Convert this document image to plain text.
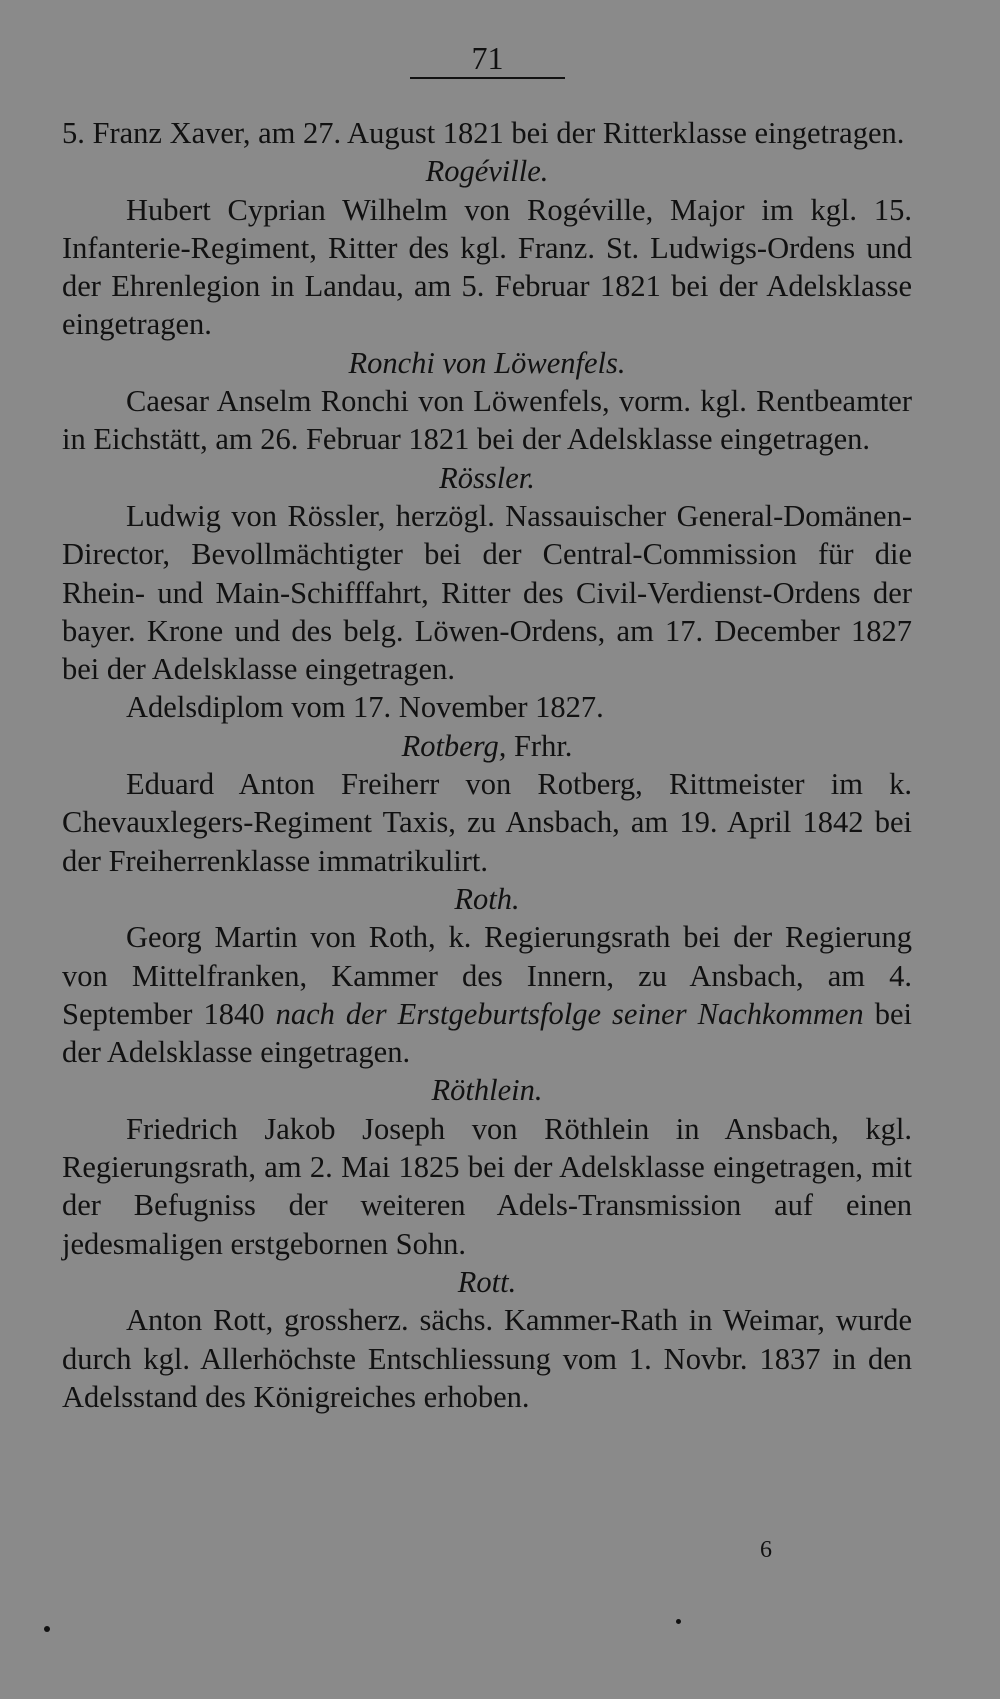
71

5. Franz Xaver, am 27. August 1821 bei der Ritterklasse eingetragen.

Rogéville.

Hubert Cyprian Wilhelm von Rogéville, Major im kgl. 15. Infanterie-Regiment, Ritter des kgl. Franz. St. Ludwigs-Ordens und der Ehrenlegion in Landau, am 5. Februar 1821 bei der Adelsklasse eingetragen.

Ronchi von Löwenfels.

Caesar Anselm Ronchi von Löwenfels, vorm. kgl. Rentbeamter in Eichstätt, am 26. Februar 1821 bei der Adelsklasse eingetragen.

Rössler.

Ludwig von Rössler, herzögl. Nassauischer General-Domänen-Director, Bevollmächtigter bei der Central-Commission für die Rhein- und Main-Schifffahrt, Ritter des Civil-Verdienst-Ordens der bayer. Krone und des belg. Löwen-Ordens, am 17. December 1827 bei der Adelsklasse eingetragen.

Adelsdiplom vom 17. November 1827.

Rotberg, Frhr.

Eduard Anton Freiherr von Rotberg, Rittmeister im k. Chevauxlegers-Regiment Taxis, zu Ansbach, am 19. April 1842 bei der Freiherrenklasse immatrikulirt.

Roth.

Georg Martin von Roth, k. Regierungsrath bei der Regierung von Mittelfranken, Kammer des Innern, zu Ansbach, am 4. September 1840 nach der Erstgeburtsfolge seiner Nachkommen bei der Adelsklasse eingetragen.

Röthlein.

Friedrich Jakob Joseph von Röthlein in Ansbach, kgl. Regierungsrath, am 2. Mai 1825 bei der Adelsklasse eingetragen, mit der Befugniss der weiteren Adels-Transmission auf einen jedesmaligen erstgebornen Sohn.

Rott.

Anton Rott, grossherz. sächs. Kammer-Rath in Weimar, wurde durch kgl. Allerhöchste Entschliessung vom 1. Novbr. 1837 in den Adelsstand des Königreiches erhoben.

6
